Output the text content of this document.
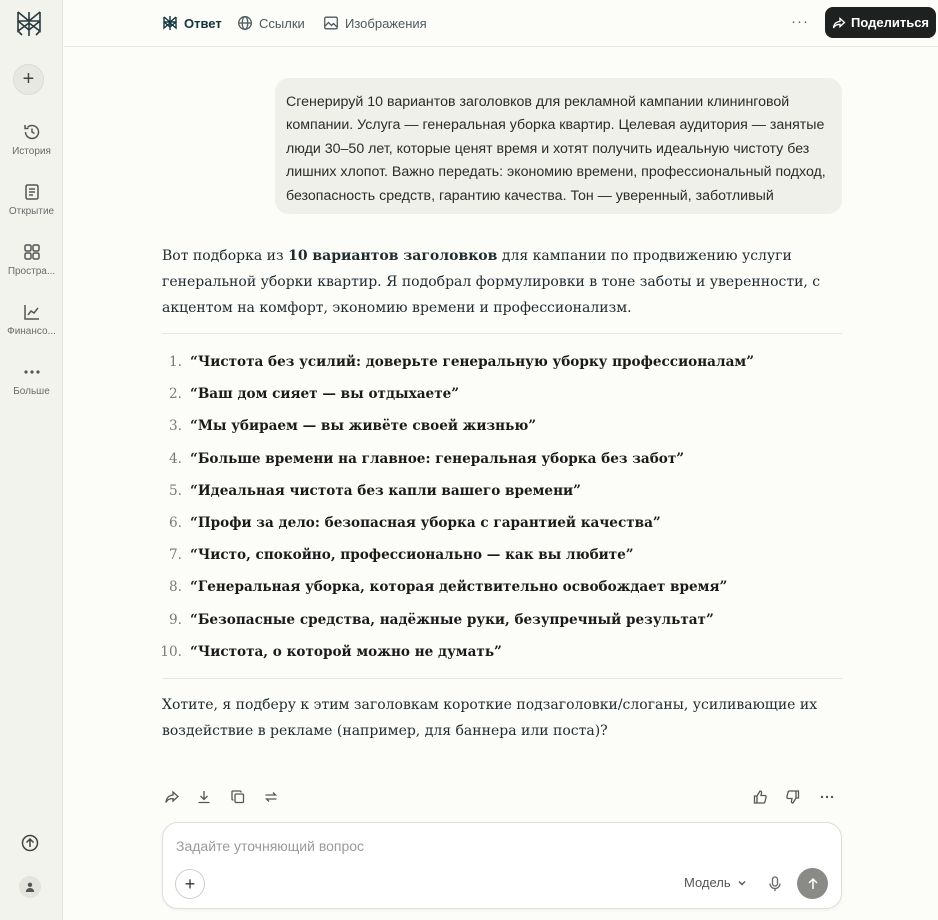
+
История
Открытие
Простра...
Финансо...
Больше
Ответ	Ссылки	Изображения	···	Поделиться
Сгенерируй 10 вариантов заголовков для рекламной кампании клининговой компании. Услуга — генеральная уборка квартир. Целевая аудитория — занятые люди 30–50 лет, которые ценят время и хотят получить идеальную чистоту без лишних хлопот. Важно передать: экономию времени, профессиональный подход, безопасность средств, гарантию качества. Тон — уверенный, заботливый

Вот подборка из 10 вариантов заголовков для кампании по продвижению услуги генеральной уборки квартир. Я подобрал формулировки в тоне заботы и уверенности, с акцентом на комфорт, экономию времени и профессионализм.

1. “Чистота без усилий: доверьте генеральную уборку профессионалам”
2. “Ваш дом сияет — вы отдыхаете”
3. “Мы убираем — вы живёте своей жизнью”
4. “Больше времени на главное: генеральная уборка без забот”
5. “Идеальная чистота без капли вашего времени”
6. “Профи за дело: безопасная уборка с гарантией качества”
7. “Чисто, спокойно, профессионально — как вы любите”
8. “Генеральная уборка, которая действительно освобождает время”
9. “Безопасные средства, надёжные руки, безупречный результат”
10. “Чистота, о которой можно не думать”

Хотите, я подберу к этим заголовкам короткие подзаголовки/слоганы, усиливающие их воздействие в рекламе (например, для баннера или поста)?

Задайте уточняющий вопрос
+	Модель
